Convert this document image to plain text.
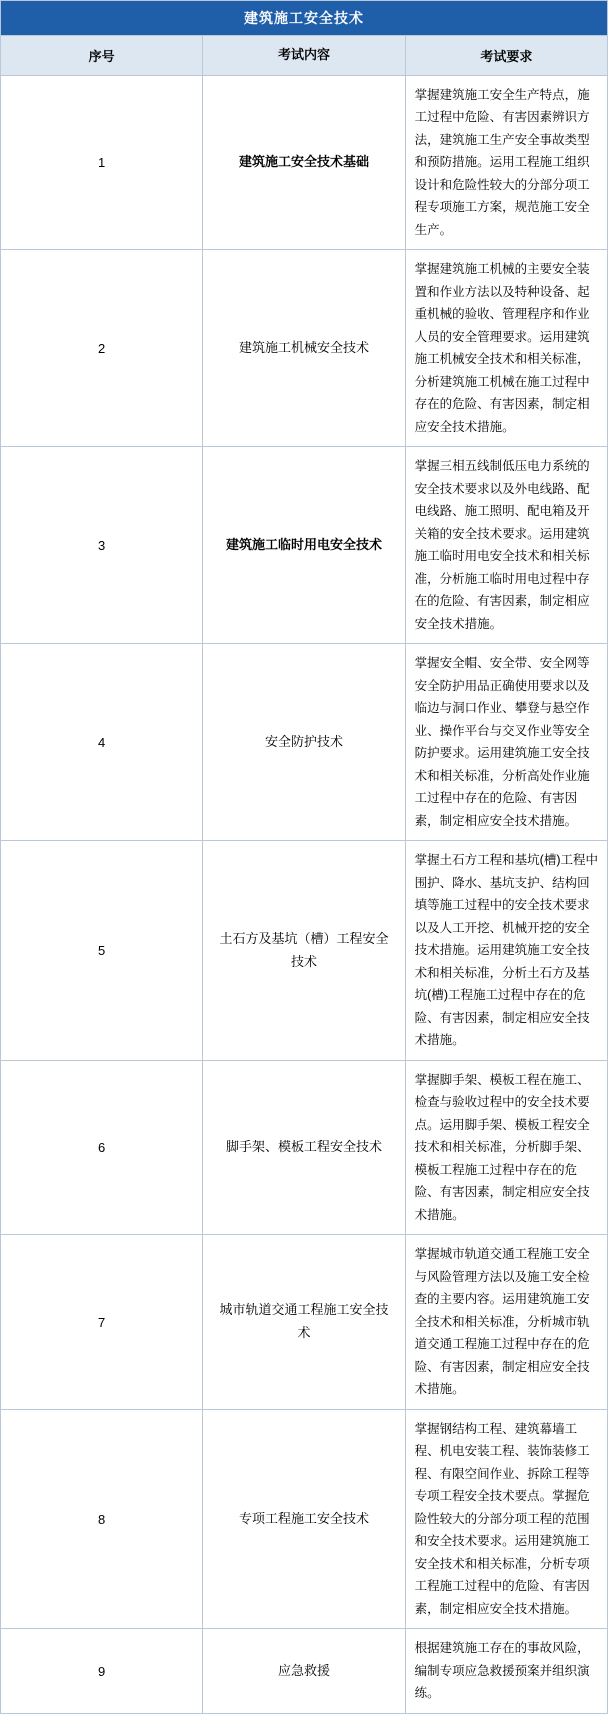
建筑施工安全技术		
序号	考试内容	考试要求
1	建筑施工安全技术基础	掌握建筑施工安全生产特点，施工过程中危险、有害因素辨识方法，建筑施工生产安全事故类型和预防措施。运用工程施工组织设计和危险性较大的分部分项工程专项施工方案，规范施工安全生产。
2	建筑施工机械安全技术	掌握建筑施工机械的主要安全装置和作业方法以及特种设备、起重机械的验收、管理程序和作业人员的安全管理要求。运用建筑施工机械安全技术和相关标准，分析建筑施工机械在施工过程中存在的危险、有害因素，制定相应安全技术措施。
3	建筑施工临时用电安全技术	掌握三相五线制低压电力系统的安全技术要求以及外电线路、配电线路、施工照明、配电箱及开关箱的安全技术要求。运用建筑施工临时用电安全技术和相关标准，分析施工临时用电过程中存在的危险、有害因素，制定相应安全技术措施。
4	安全防护技术	掌握安全帽、安全带、安全网等安全防护用品正确使用要求以及临边与洞口作业、攀登与悬空作业、操作平台与交叉作业等安全防护要求。运用建筑施工安全技术和相关标准，分析高处作业施工过程中存在的危险、有害因素，制定相应安全技术措施。
5	土石方及基坑（槽）工程安全技术	掌握土石方工程和基坑(槽)工程中围护、降水、基坑支护、结构回填等施工过程中的安全技术要求以及人工开挖、机械开挖的安全技术措施。运用建筑施工安全技术和相关标准，分析土石方及基坑(槽)工程施工过程中存在的危险、有害因素，制定相应安全技术措施。
6	脚手架、模板工程安全技术	掌握脚手架、模板工程在施工、检查与验收过程中的安全技术要点。运用脚手架、模板工程安全技术和相关标准，分析脚手架、模板工程施工过程中存在的危险、有害因素，制定相应安全技术措施。
7	城市轨道交通工程施工安全技术	掌握城市轨道交通工程施工安全与风险管理方法以及施工安全检查的主要内容。运用建筑施工安全技术和相关标准，分析城市轨道交通工程施工过程中存在的危险、有害因素，制定相应安全技术措施。
8	专项工程施工安全技术	掌握钢结构工程、建筑幕墙工程、机电安装工程、装饰装修工程、有限空间作业、拆除工程等专项工程安全技术要点。掌握危险性较大的分部分项工程的范围和安全技术要求。运用建筑施工安全技术和相关标准，分析专项工程施工过程中的危险、有害因素，制定相应安全技术措施。
9	应急救援	根据建筑施工存在的事故风险，编制专项应急救援预案并组织演练。
